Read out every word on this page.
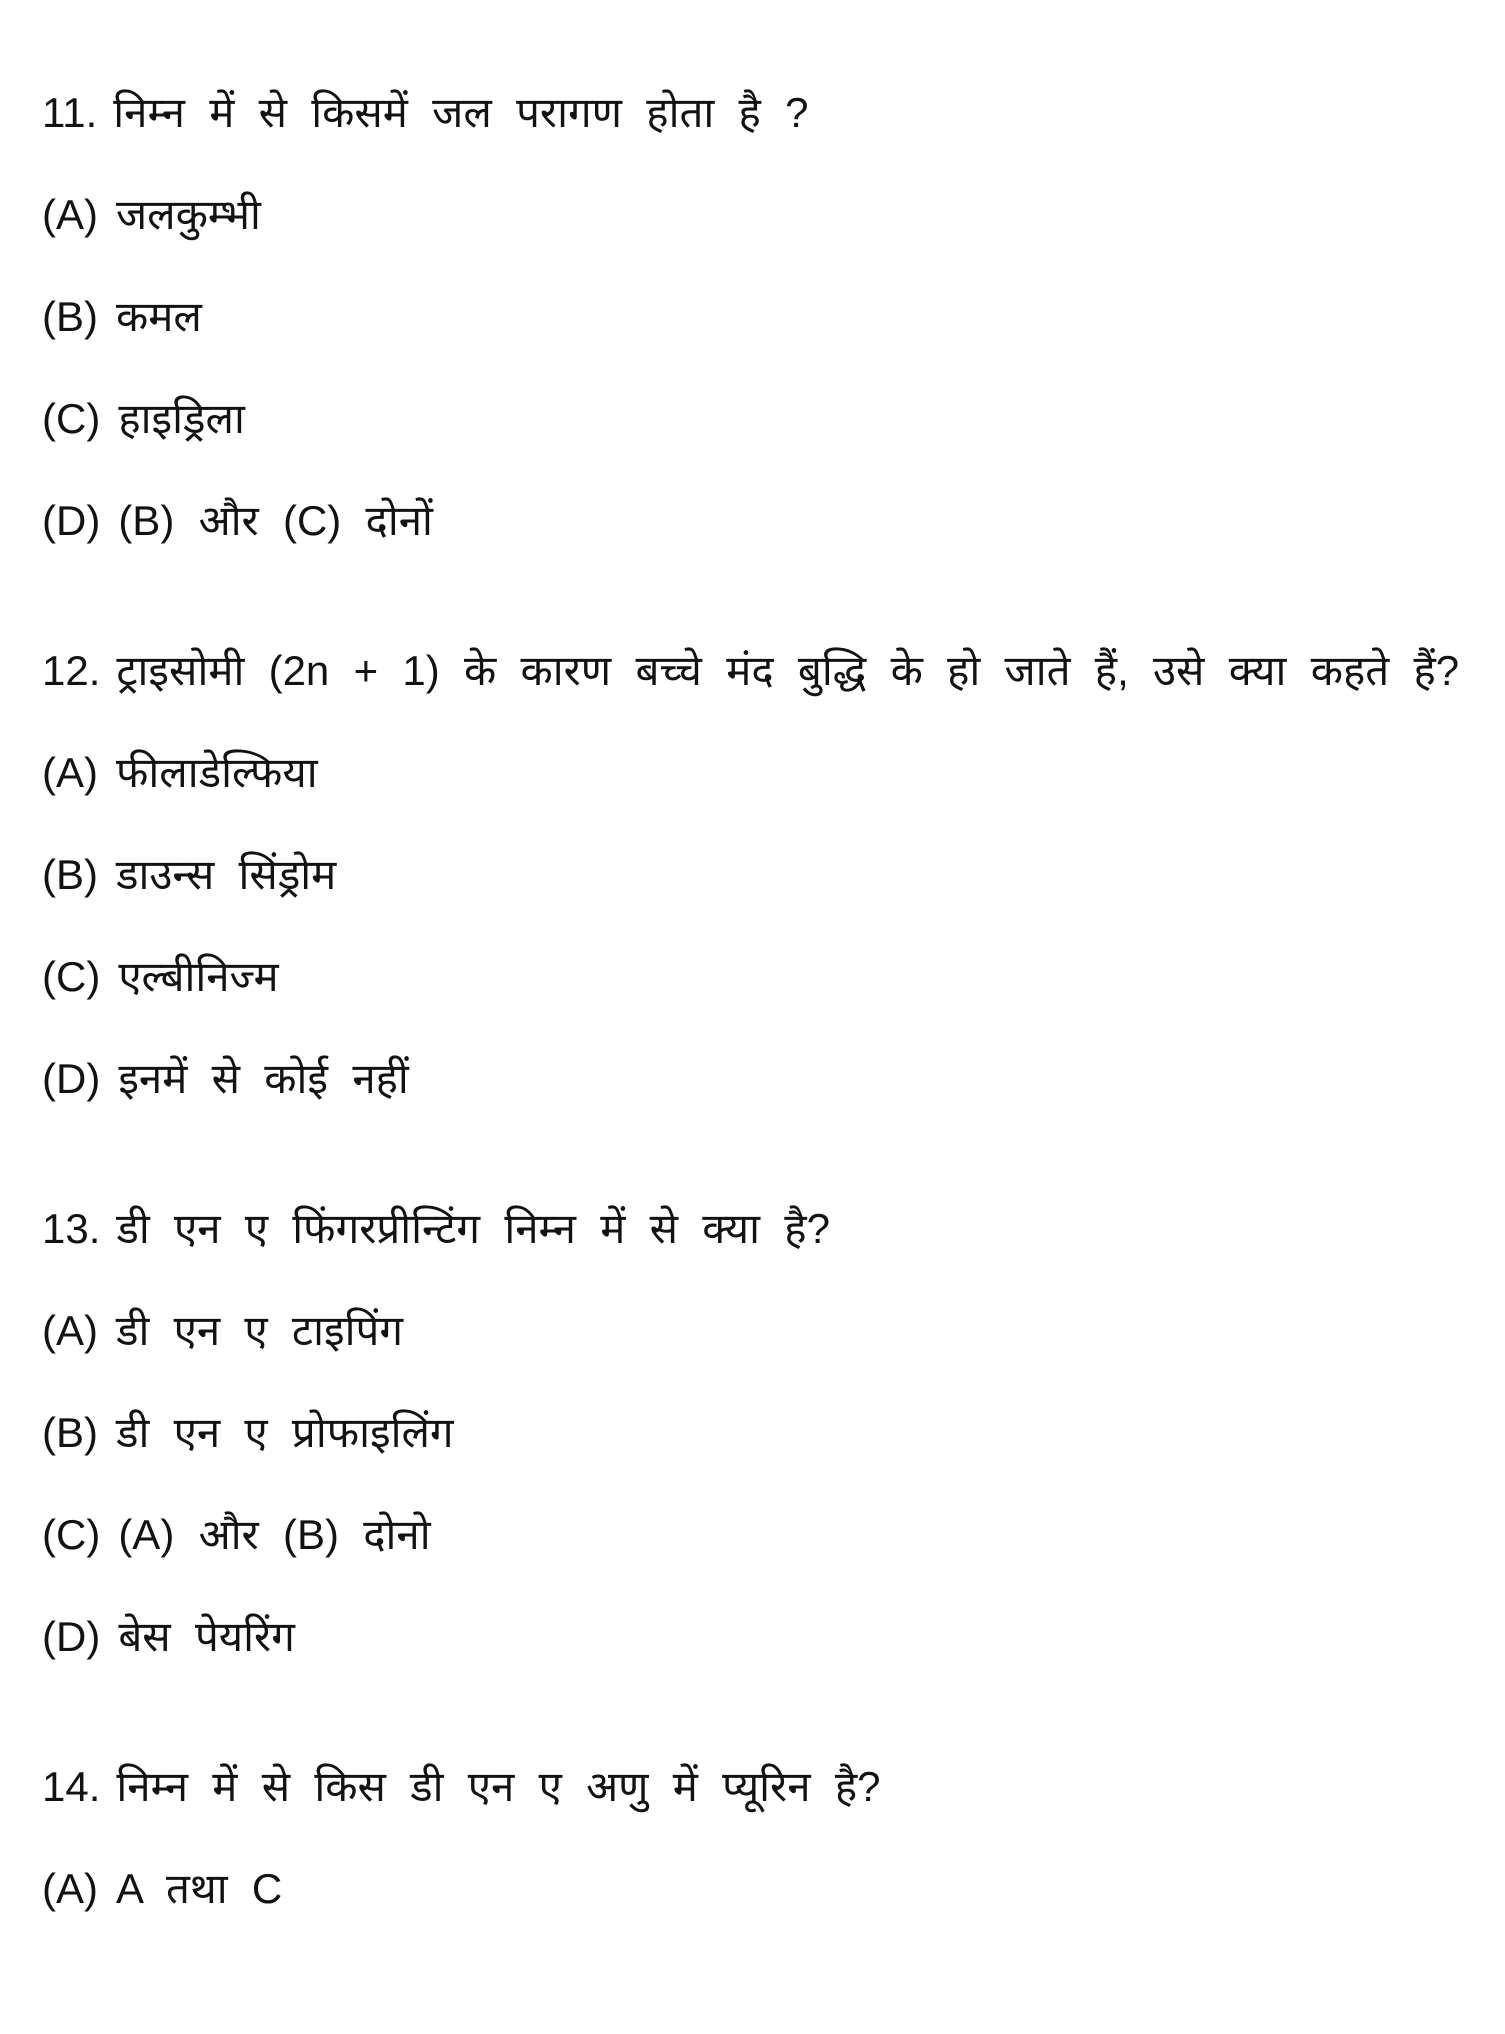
11. निम्न में से किसमें जल परागण होता है ?
(A) जलकुम्भी
(B) कमल
(C) हाइड्रिला
(D) (B) और (C) दोनों
12. ट्राइसोमी (2n + 1) के कारण बच्चे मंद बुद्धि के हो जाते हैं, उसे क्या कहते हैं?
(A) फीलाडेल्फिया
(B) डाउन्स सिंड्रोम
(C) एल्बीनिज्म
(D) इनमें से कोई नहीं
13. डी एन ए फिंगरप्रीन्टिंग निम्न में से क्या है?
(A) डी एन ए टाइपिंग
(B) डी एन ए प्रोफाइलिंग
(C) (A) और (B) दोनो
(D) बेस पेयरिंग
14. निम्न में से किस डी एन ए अणु में प्यूरिन है?
(A) A तथा C
